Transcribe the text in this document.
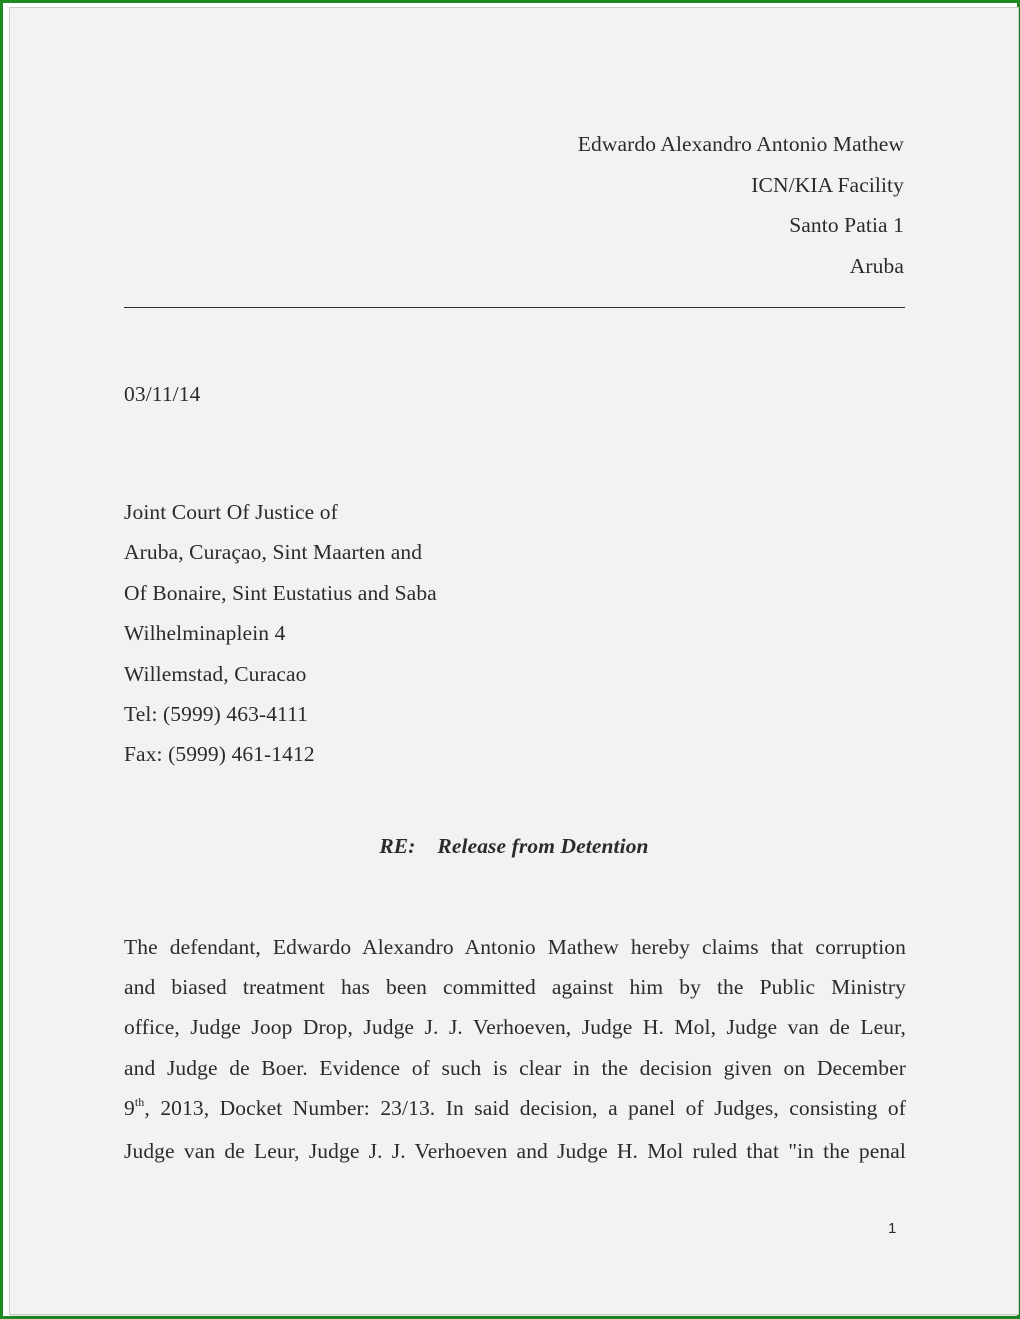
Edwardo Alexandro Antonio Mathew
ICN/KIA Facility
Santo Patia 1
Aruba
03/11/14
Joint Court Of Justice of
Aruba, Curaçao, Sint Maarten and
Of Bonaire, Sint Eustatius and Saba
Wilhelminaplein 4
Willemstad, Curacao
Tel: (5999) 463-4111
Fax: (5999) 461-1412
RE: Release from Detention
The defendant, Edwardo Alexandro Antonio Mathew hereby claims that corruption
and biased treatment has been committed against him by the Public Ministry
office, Judge Joop Drop, Judge J. J. Verhoeven, Judge H. Mol, Judge van de Leur,
and Judge de Boer. Evidence of such is clear in the decision given on December
9th, 2013, Docket Number: 23/13. In said decision, a panel of Judges, consisting of
Judge van de Leur, Judge J. J. Verhoeven and Judge H. Mol ruled that "in the penal
1
